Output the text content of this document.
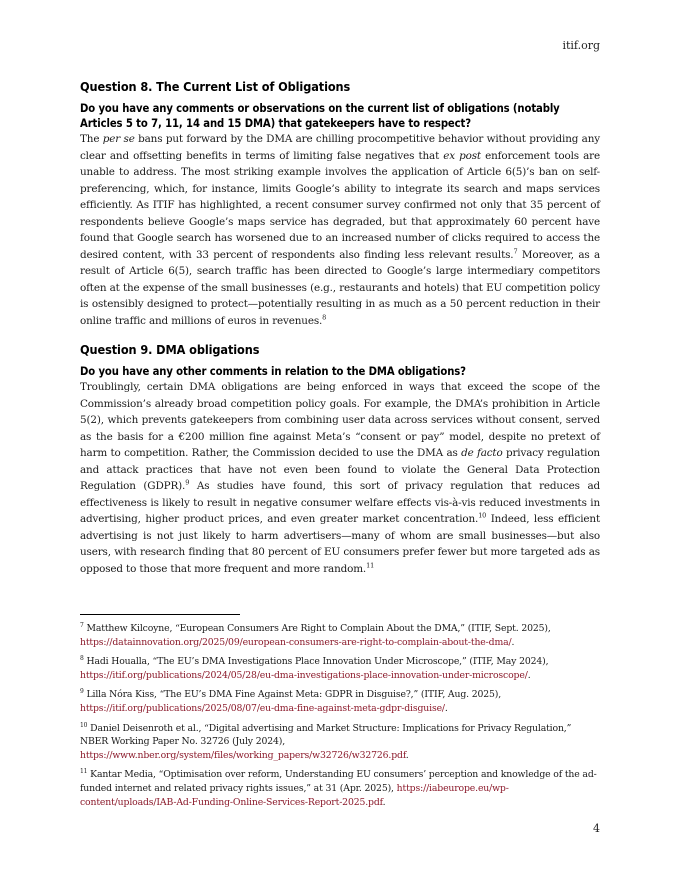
itif.org
Question 8. The Current List of Obligations
Do you have any comments or observations on the current list of obligations (notably Articles 5 to 7, 11, 14 and 15 DMA) that gatekeepers have to respect?

The per se bans put forward by the DMA are chilling procompetitive behavior without providing any clear and offsetting benefits in terms of limiting false negatives that ex post enforcement tools are unable to address. The most striking example involves the application of Article 6(5)’s ban on self-preferencing, which, for instance, limits Google’s ability to integrate its search and maps services efficiently. As ITIF has highlighted, a recent consumer survey confirmed not only that 35 percent of respondents believe Google’s maps service has degraded, but that approximately 60 percent have found that Google search has worsened due to an increased number of clicks required to access the desired content, with 33 percent of respondents also finding less relevant results.$^7$ Moreover, as a result of Article 6(5), search traffic has been directed to Google’s large intermediary competitors often at the expense of the small businesses (e.g., restaurants and hotels) that EU competition policy is ostensibly designed to protect—potentially resulting in as much as a 50 percent reduction in their online traffic and millions of euros in revenues.$^8$

Question 9. DMA obligations
Do you have any other comments in relation to the DMA obligations?

Troublingly, certain DMA obligations are being enforced in ways that exceed the scope of the Commission’s already broad competition policy goals. For example, the DMA’s prohibition in Article 5(2), which prevents gatekeepers from combining user data across services without consent, served as the basis for a €200 million fine against Meta’s “consent or pay” model, despite no pretext of harm to competition. Rather, the Commission decided to use the DMA as de facto privacy regulation and attack practices that have not even been found to violate the General Data Protection Regulation (GDPR).$^9$ As studies have found, this sort of privacy regulation that reduces ad effectiveness is likely to result in negative consumer welfare effects vis-à-vis reduced investments in advertising, higher product prices, and even greater market concentration.$^{10}$ Indeed, less efficient advertising is not just likely to harm advertisers—many of whom are small businesses—but also users, with research finding that 80 percent of EU consumers prefer fewer but more targeted ads as opposed to those that more frequent and more random.$^{11}$

$^7$ Matthew Kilcoyne, “European Consumers Are Right to Complain About the DMA,” (ITIF, Sept. 2025), https://datainnovation.org/2025/09/european-consumers-are-right-to-complain-about-the-dma/.
$^8$ Hadi Houalla, “The EU’s DMA Investigations Place Innovation Under Microscope,” (ITIF, May 2024), https://itif.org/publications/2024/05/28/eu-dma-investigations-place-innovation-under-microscope/.
$^9$ Lilla Nóra Kiss, “The EU’s DMA Fine Against Meta: GDPR in Disguise?,” (ITIF, Aug. 2025), https://itif.org/publications/2025/08/07/eu-dma-fine-against-meta-gdpr-disguise/.
$^{10}$ Daniel Deisenroth et al., “Digital advertising and Market Structure: Implications for Privacy Regulation,” NBER Working Paper No. 32726 (July 2024), https://www.nber.org/system/files/working_papers/w32726/w32726.pdf.
$^{11}$ Kantar Media, “Optimisation over reform, Understanding EU consumers’ perception and knowledge of the ad-funded internet and related privacy rights issues,” at 31 (Apr. 2025), https://iabeurope.eu/wp-content/uploads/IAB-Ad-Funding-Online-Services-Report-2025.pdf.
4
